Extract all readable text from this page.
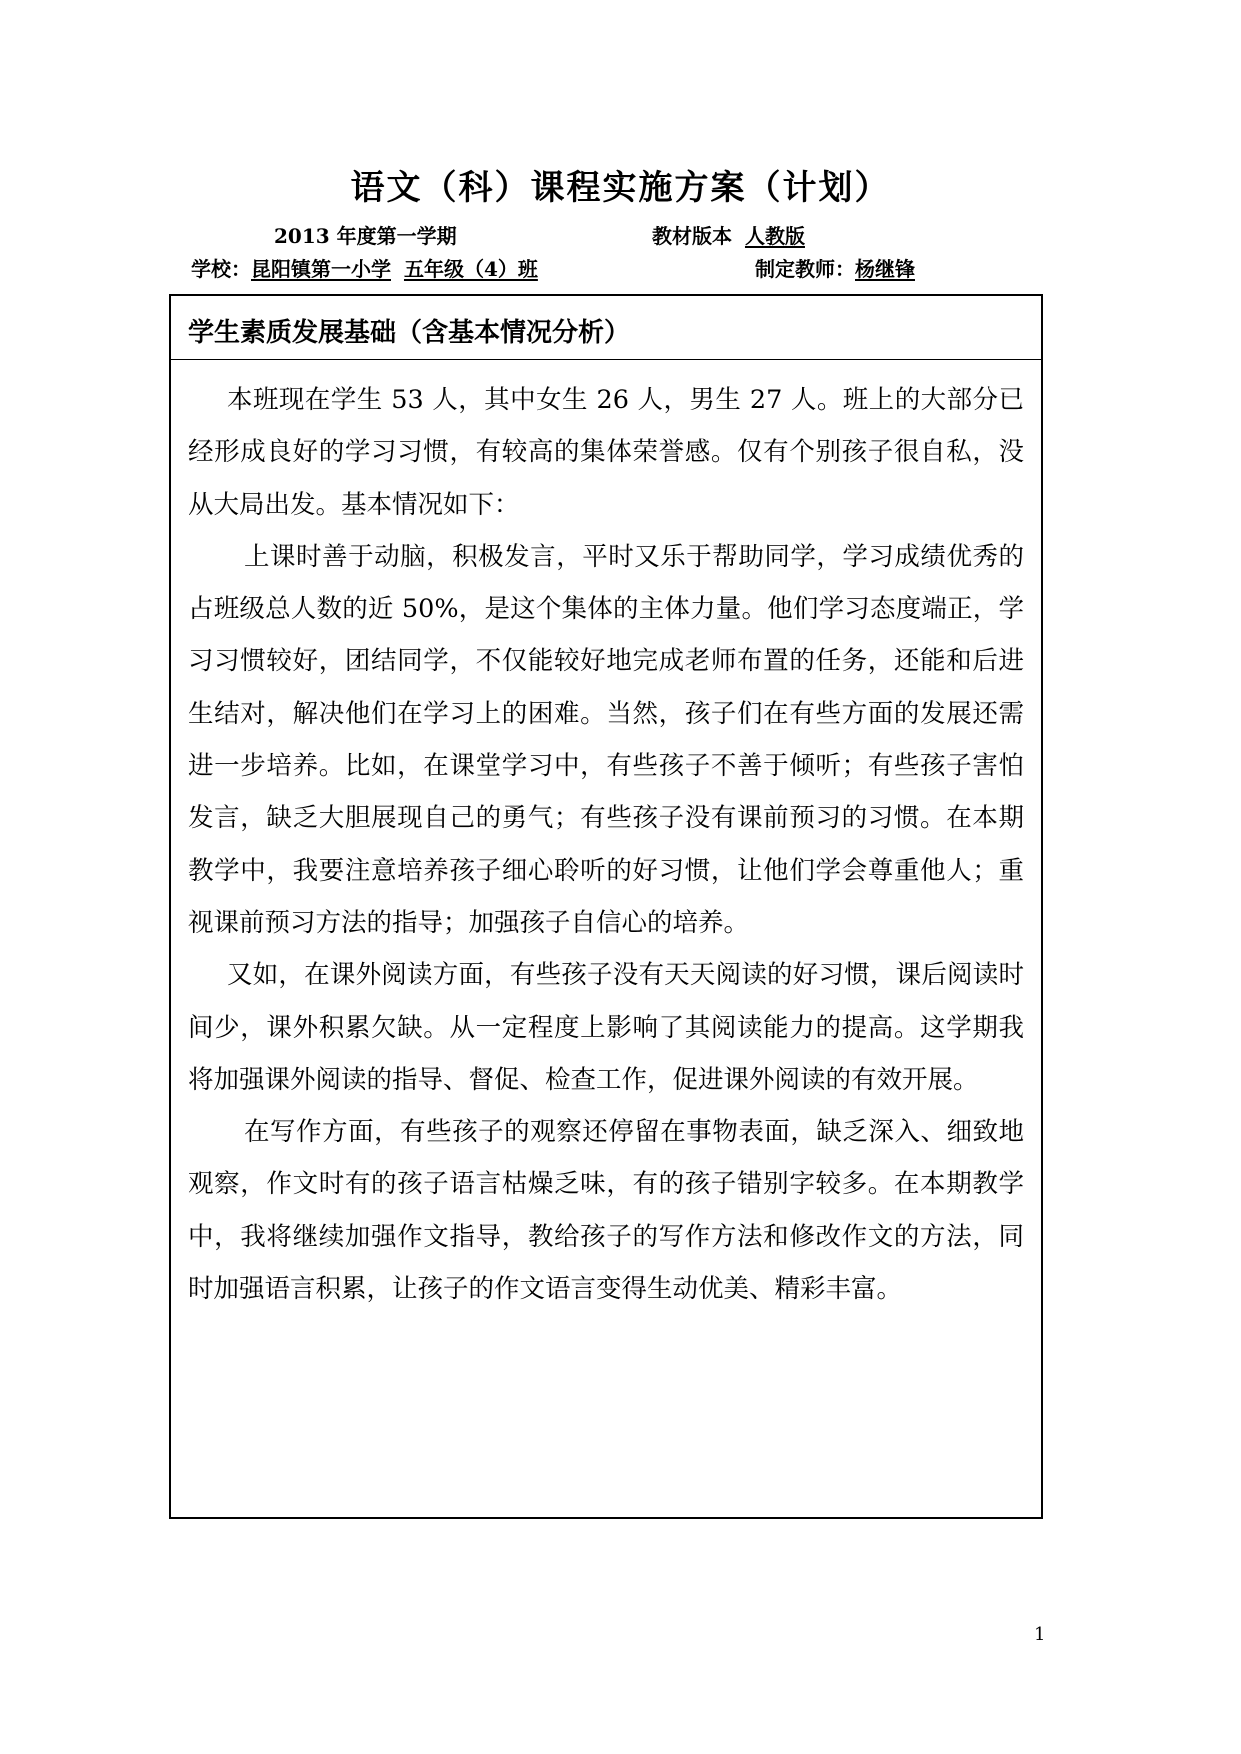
语文（科）课程实施方案（计划）
2013 年度第一学期	教材版本 人教版
学校：昆阳镇第一小学 五年级（4）班	制定教师：杨继锋
学生素质发展基础（含基本情况分析）

本班现在学生 53 人，其中女生 26 人，男生 27 人。班上的大部分已经形成良好的学习习惯，有较高的集体荣誉感。仅有个别孩子很自私，没从大局出发。基本情况如下：

上课时善于动脑，积极发言，平时又乐于帮助同学，学习成绩优秀的占班级总人数的近 50%，是这个集体的主体力量。他们学习态度端正，学习习惯较好，团结同学，不仅能较好地完成老师布置的任务，还能和后进生结对，解决他们在学习上的困难。当然，孩子们在有些方面的发展还需进一步培养。比如，在课堂学习中，有些孩子不善于倾听；有些孩子害怕发言，缺乏大胆展现自己的勇气；有些孩子没有课前预习的习惯。在本期教学中，我要注意培养孩子细心聆听的好习惯，让他们学会尊重他人；重视课前预习方法的指导；加强孩子自信心的培养。

又如，在课外阅读方面，有些孩子没有天天阅读的好习惯，课后阅读时间少，课外积累欠缺。从一定程度上影响了其阅读能力的提高。这学期我将加强课外阅读的指导、督促、检查工作，促进课外阅读的有效开展。

在写作方面，有些孩子的观察还停留在事物表面，缺乏深入、细致地观察，作文时有的孩子语言枯燥乏味，有的孩子错别字较多。在本期教学中，我将继续加强作文指导，教给孩子的写作方法和修改作文的方法，同时加强语言积累，让孩子的作文语言变得生动优美、精彩丰富。

1
